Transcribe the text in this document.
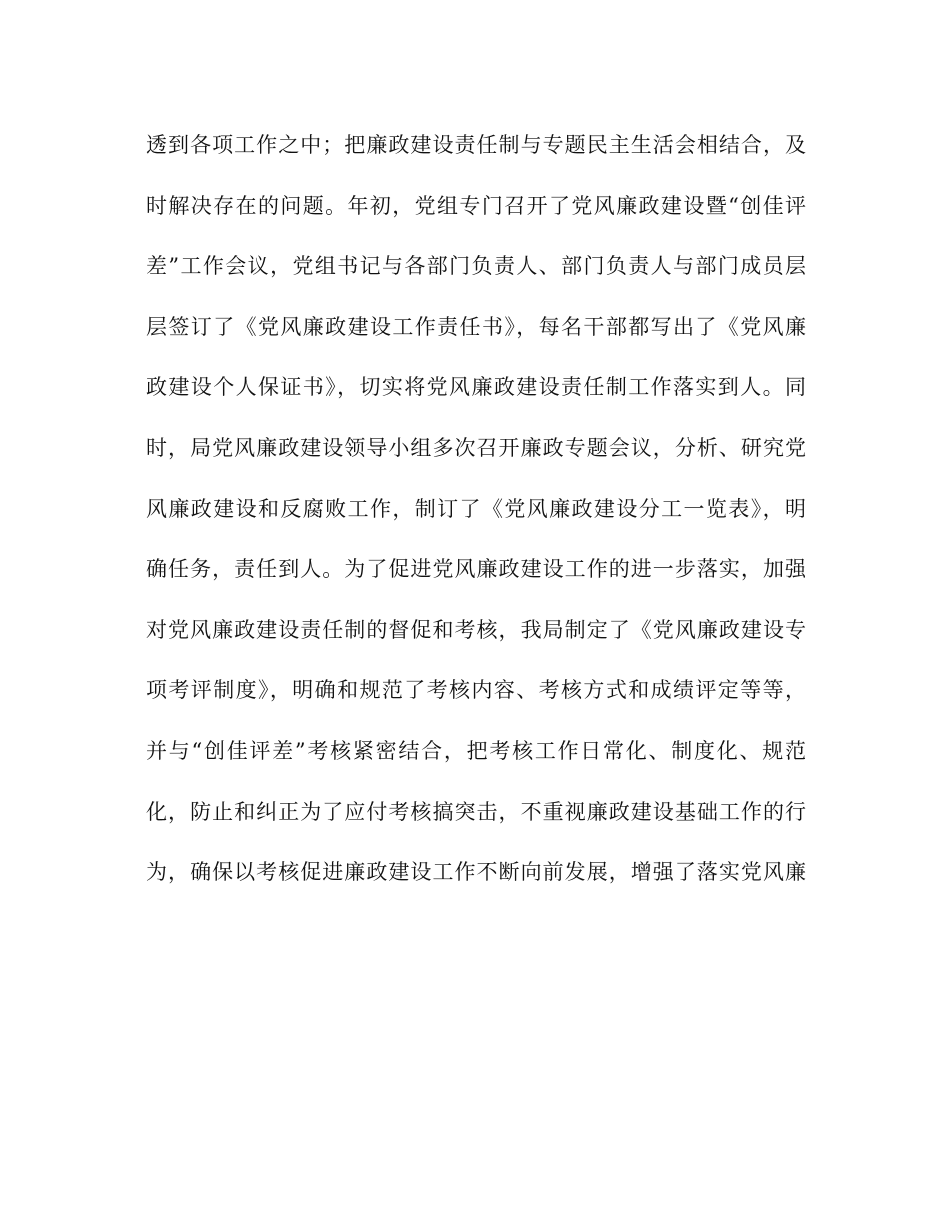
透到各项工作之中；把廉政建设责任制与专题民主生活会相结合，及
时解决存在的问题。年初，党组专门召开了党风廉政建设暨“创佳评
差”工作会议，党组书记与各部门负责人、部门负责人与部门成员层
层签订了《党风廉政建设工作责任书》，每名干部都写出了《党风廉
政建设个人保证书》，切实将党风廉政建设责任制工作落实到人。同
时，局党风廉政建设领导小组多次召开廉政专题会议，分析、研究党
风廉政建设和反腐败工作，制订了《党风廉政建设分工一览表》，明
确任务，责任到人。为了促进党风廉政建设工作的进一步落实，加强
对党风廉政建设责任制的督促和考核，我局制定了《党风廉政建设专
项考评制度》，明确和规范了考核内容、考核方式和成绩评定等等，
并与“创佳评差”考核紧密结合，把考核工作日常化、制度化、规范
化，防止和纠正为了应付考核搞突击，不重视廉政建设基础工作的行
为，确保以考核促进廉政建设工作不断向前发展，增强了落实党风廉
